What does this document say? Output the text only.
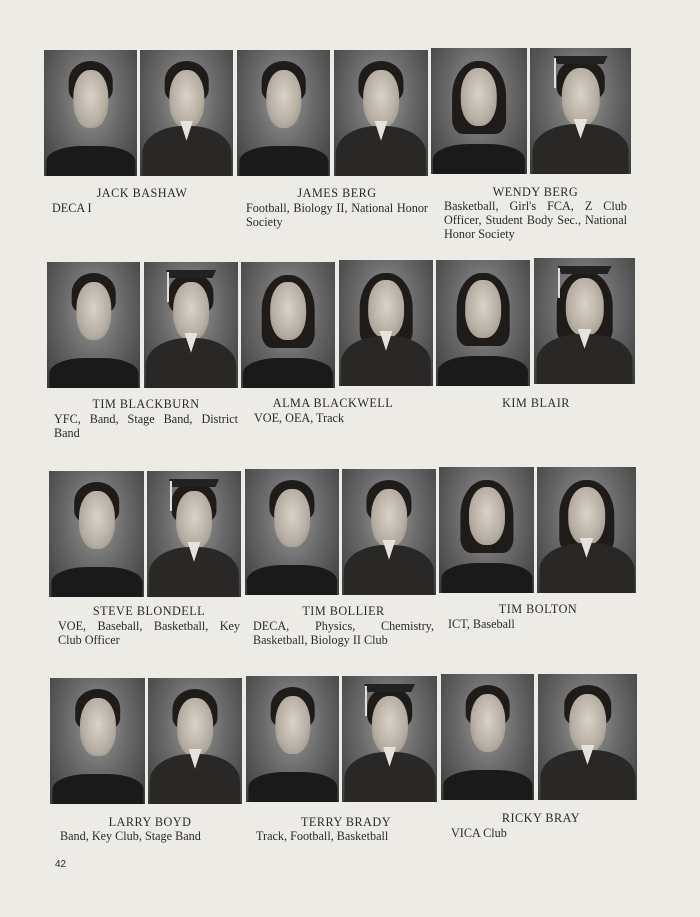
JACK BASHAW

DECA I

JAMES BERG

Football, Biology II, National Honor Society

WENDY BERG

Basketball, Girl's FCA, Z Club Officer, Student Body Sec., National Honor Society

TIM BLACKBURN

YFC, Band, Stage Band, District Band

ALMA BLACKWELL

VOE, OEA, Track

KIM BLAIR

STEVE BLONDELL

VOE, Baseball, Basketball, Key Club Officer

TIM BOLLIER

DECA, Physics, Chemistry, Basketball, Biology II Club

TIM BOLTON

ICT, Baseball

LARRY BOYD

Band, Key Club, Stage Band

TERRY BRADY

Track, Football, Basketball

RICKY BRAY

VICA Club

42
